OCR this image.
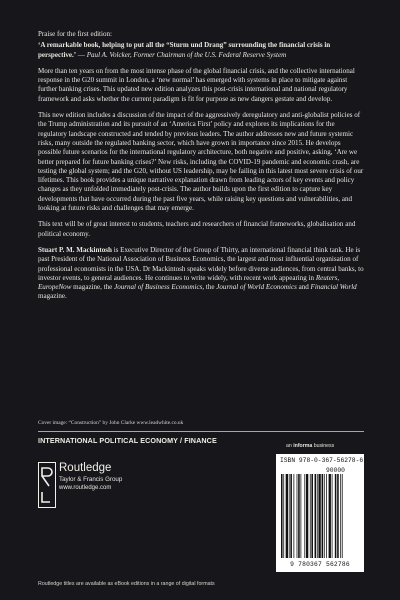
Praise for the first edition:

‘A remarkable book, helping to put all the “Sturm und Drang” surrounding the financial crisis in perspective.’ — Paul A. Volcker, Former Chairman of the U.S. Federal Reserve System

More than ten years on from the most intense phase of the global financial crisis, and the collective international response in the G20 summit in London, a ‘new normal’ has emerged with systems in place to mitigate against further banking crises. This updated new edition analyzes this post-crisis international and national regulatory framework and asks whether the current paradigm is fit for purpose as new dangers gestate and develop.

This new edition includes a discussion of the impact of the aggressively deregulatory and anti-globalist policies of the Trump administration and its pursuit of an ‘America First’ policy and explores its implications for the regulatory landscape constructed and tended by previous leaders. The author addresses new and future systemic risks, many outside the regulated banking sector, which have grown in importance since 2015. He develops possible future scenarios for the international regulatory architecture, both negative and positive, asking, ‘Are we better prepared for future banking crises?’ New risks, including the COVID-19 pandemic and economic crash, are testing the global system; and the G20, without US leadership, may be failing in this latest most severe crisis of our lifetimes. This book provides a unique narrative explanation drawn from leading actors of key events and policy changes as they unfolded immediately post-crisis. The author builds upon the first edition to capture key developments that have occurred during the past five years, while raising key questions and vulnerabilities, and looking at future risks and challenges that may emerge.

This text will be of great interest to students, teachers and researchers of financial frameworks, globalisation and political economy.

Stuart P. M. Mackintosh is Executive Director of the Group of Thirty, an international financial think tank. He is past President of the National Association of Business Economics, the largest and most influential organisation of professional economists in the USA. Dr Mackintosh speaks widely before diverse audiences, from central banks, to investor events, to general audiences. He continues to write widely, with recent work appearing in Reuters, EuropeNow magazine, the Journal of Business Economics, the Journal of World Economics and Financial World magazine.

Cover image: “Construction” by John Clarke www.leadwhite.co.uk
INTERNATIONAL POLITICAL ECONOMY / FINANCE
an informa business
Routledge
Taylor & Francis Group
www.routledge.com
ISBN 978-0-367-56278-6
90000
9 780367 562786
Routledge titles are available as eBook editions in a range of digital formats
